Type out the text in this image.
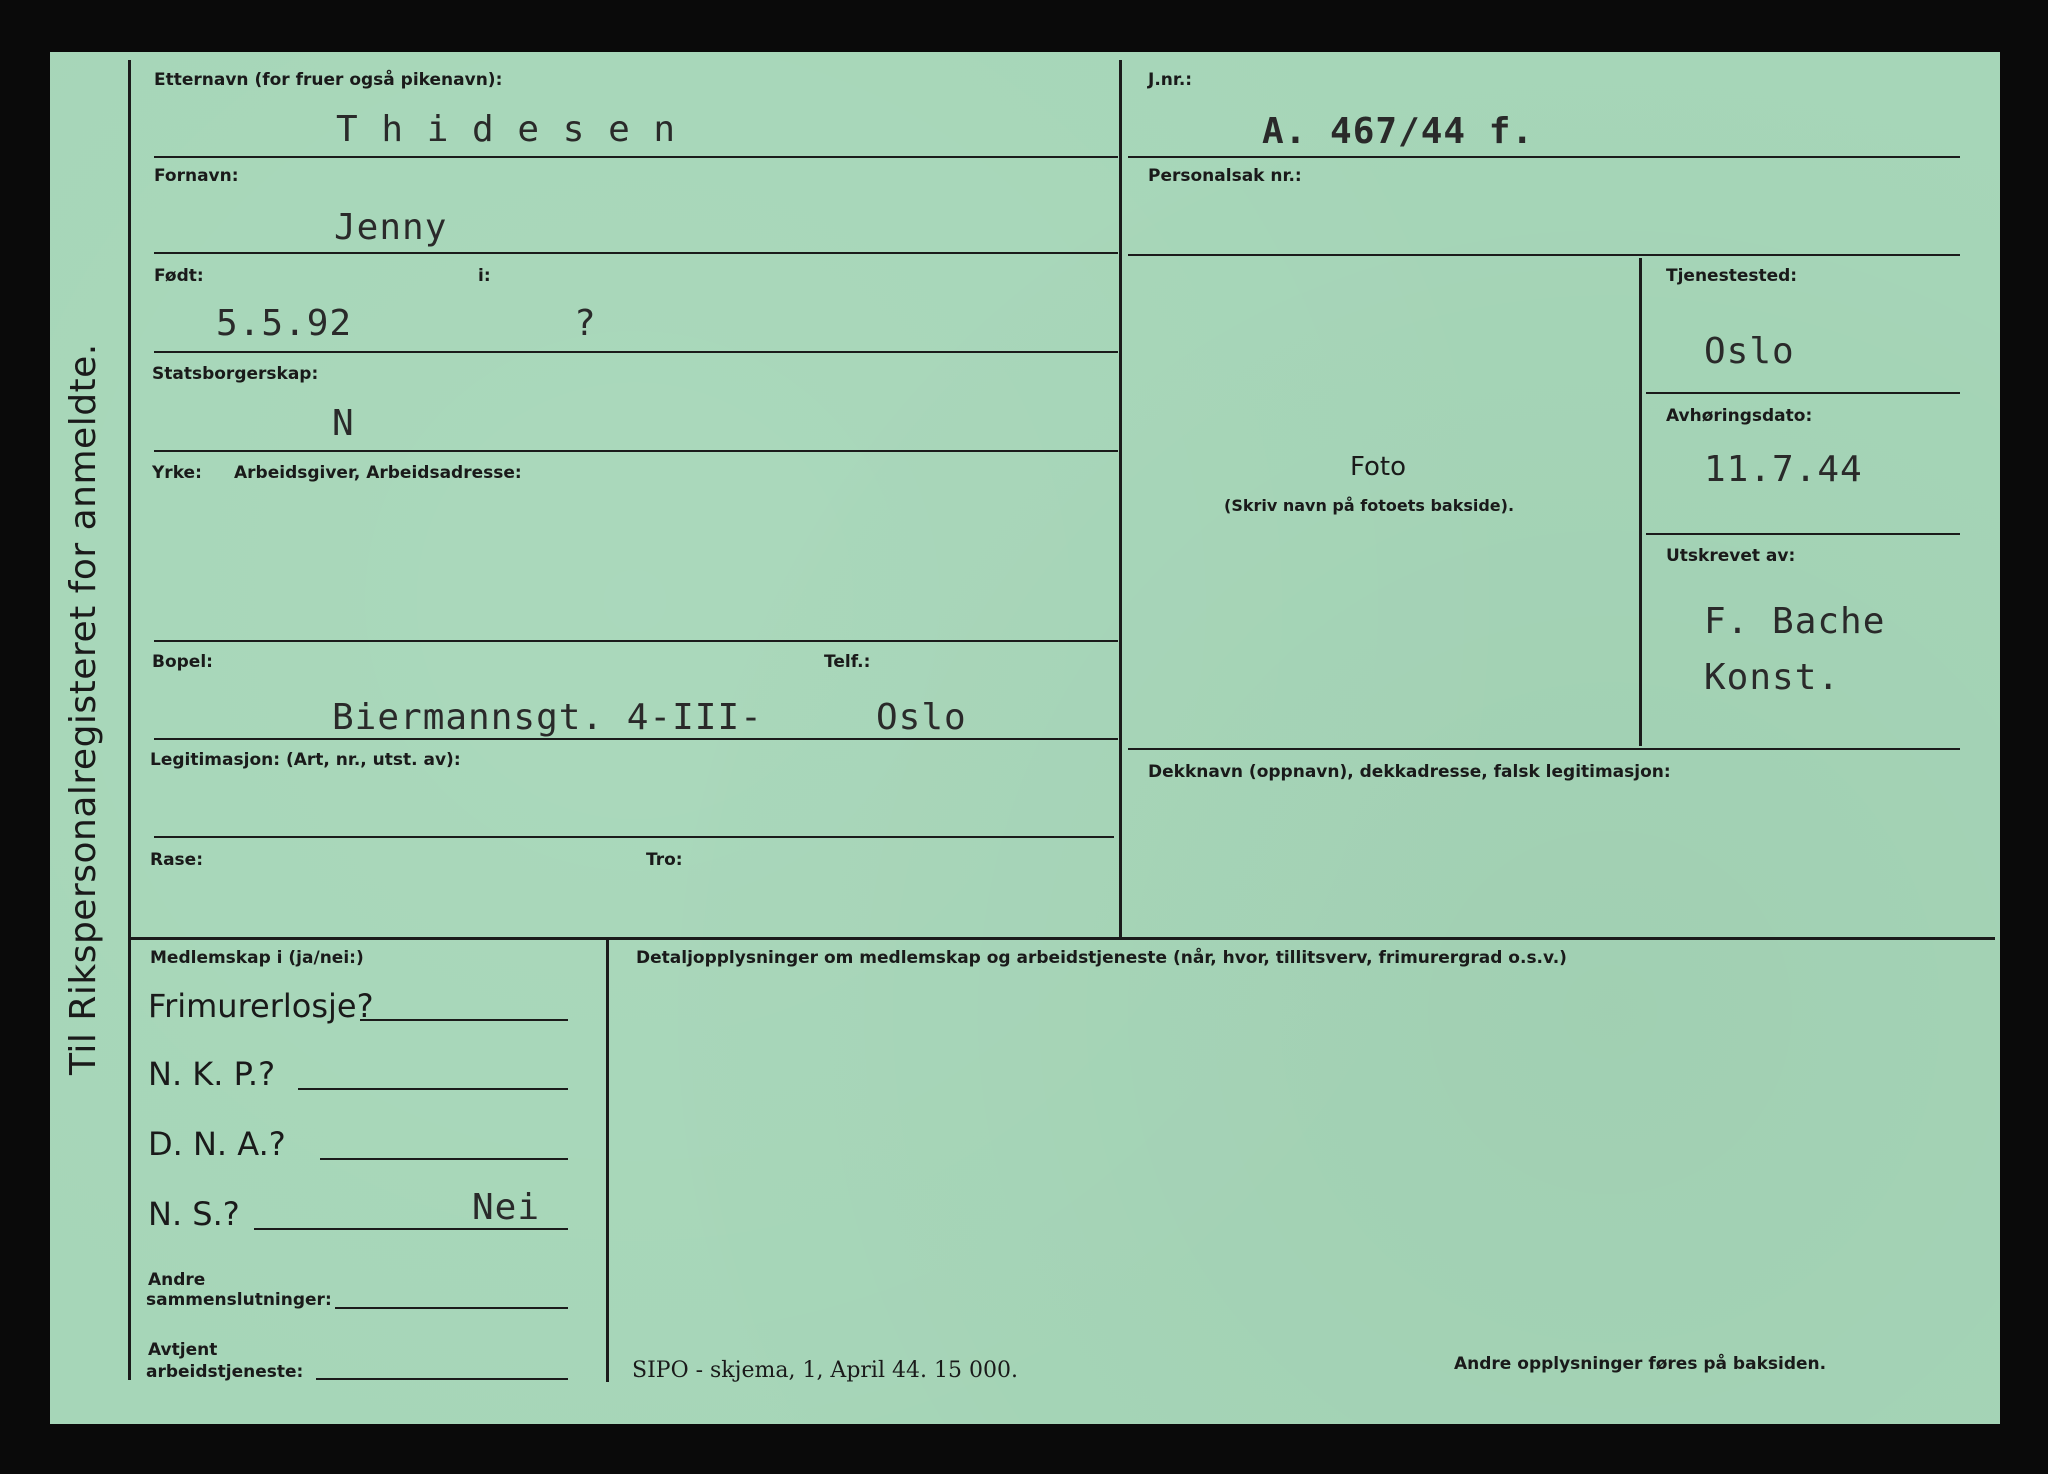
Til Rikspersonalregisteret for anmeldte.
Etternavn (for fruer også pikenavn):
T h i d e s e n
Fornavn:
Jenny
Født:	i:
5.5.92	?
Statsborgerskap:
N
Yrke: Arbeidsgiver, Arbeidsadresse:
Bopel:	Telf.:
Biermannsgt. 4-III-	Oslo
Legitimasjon: (Art, nr., utst. av):
Rase:	Tro:
J.nr.:
A. 467/44 f.
Personalsak nr.:
Foto
(Skriv navn på fotoets bakside).
Tjenestested:
Oslo
Avhøringsdato:
11.7.44
Utskrevet av:
F. Bache
Konst.
Dekknavn (oppnavn), dekkadresse, falsk legitimasjon:
Medlemskap i (ja/nei:)
Frimurerlosje?
N. K. P.?
D. N. A.?
N. S.?	Nei
Andre
sammenslutninger:
Avtjent
arbeidstjeneste:
Detaljopplysninger om medlemskap og arbeidstjeneste (når, hvor, tillitsverv, frimurergrad o.s.v.)
SIPO - skjema, 1, April 44. 15 000.	Andre opplysninger føres på baksiden.
